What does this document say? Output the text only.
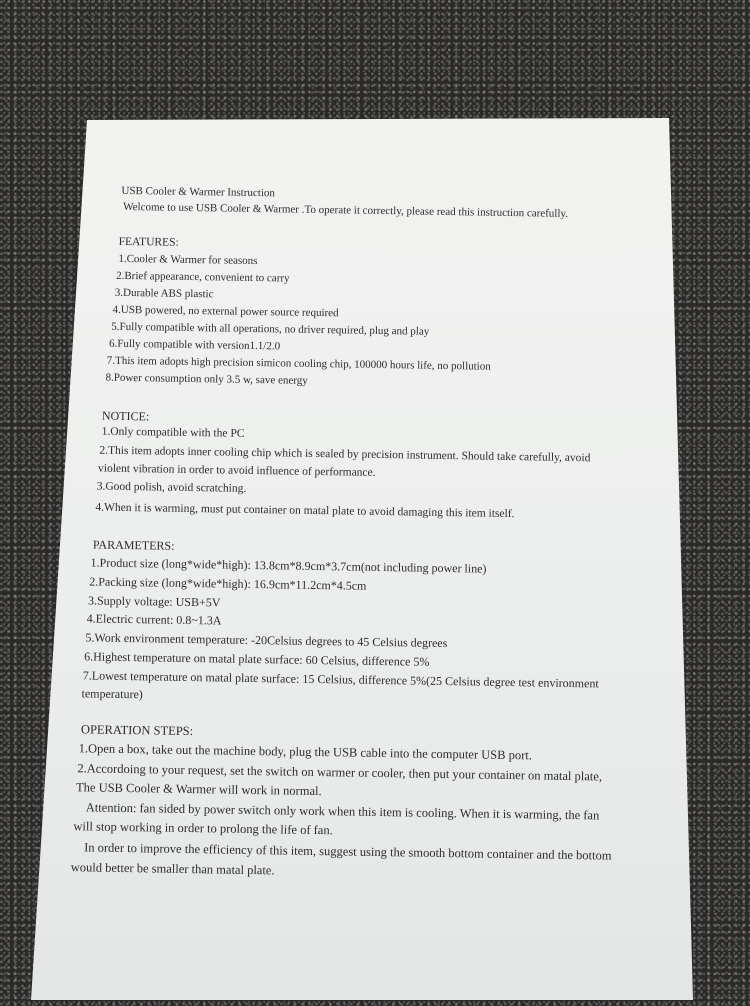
USB Cooler & Warmer Instruction
Welcome to use USB Cooler & Warmer .To operate it correctly, please read this instruction carefully.
FEATURES:
1.Cooler & Warmer for seasons
2.Brief appearance, convenient to carry
3.Durable ABS plastic
4.USB powered, no external power source required
5.Fully compatible with all operations, no driver required, plug and play
6.Fully compatible with version1.1/2.0
7.This item adopts high precision simicon cooling chip, 100000 hours life, no pollution
8.Power consumption only 3.5 w, save energy
NOTICE:
1.Only compatible with the PC
2.This item adopts inner cooling chip which is sealed by precision instrument. Should take carefully, avoid
violent vibration in order to avoid influence of performance.
3.Good polish, avoid scratching.
4.When it is warming, must put container on matal plate to avoid damaging this item itself.
PARAMETERS:
1.Product size (long*wide*high): 13.8cm*8.9cm*3.7cm(not including power line)
2.Packing size (long*wide*high): 16.9cm*11.2cm*4.5cm
3.Supply voltage: USB+5V
4.Electric current: 0.8~1.3A
5.Work environment temperature: -20Celsius degrees to 45 Celsius degrees
6.Highest temperature on matal plate surface: 60 Celsius, difference 5%
7.Lowest temperature on matal plate surface: 15 Celsius, difference 5%(25 Celsius degree test environment
temperature)
OPERATION STEPS:
1.Open a box, take out the machine body, plug the USB cable into the computer USB port.
2.Accordoing to your request, set the switch on warmer or cooler, then put your container on matal plate,
The USB Cooler & Warmer will work in normal.
Attention: fan sided by power switch only work when this item is cooling. When it is warming, the fan
will stop working in order to prolong the life of fan.
In order to improve the efficiency of this item, suggest using the smooth bottom container and the bottom
would better be smaller than matal plate.
